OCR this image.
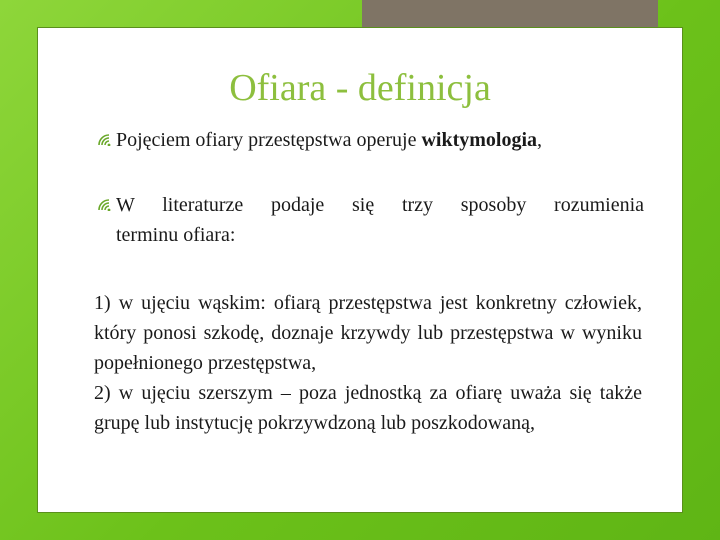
Ofiara - definicja
Pojęciem ofiary przestępstwa operuje wiktymologia,
W literaturze podaje się trzy sposoby rozumienia
terminu ofiara:
1) w ujęciu wąskim: ofiarą przestępstwa jest konkretny człowiek, który ponosi szkodę, doznaje krzywdy lub przestępstwa w wyniku popełnionego przestępstwa,
2) w ujęciu szerszym – poza jednostką za ofiarę uważa się także grupę lub instytucję pokrzywdzoną lub poszkodowaną,
